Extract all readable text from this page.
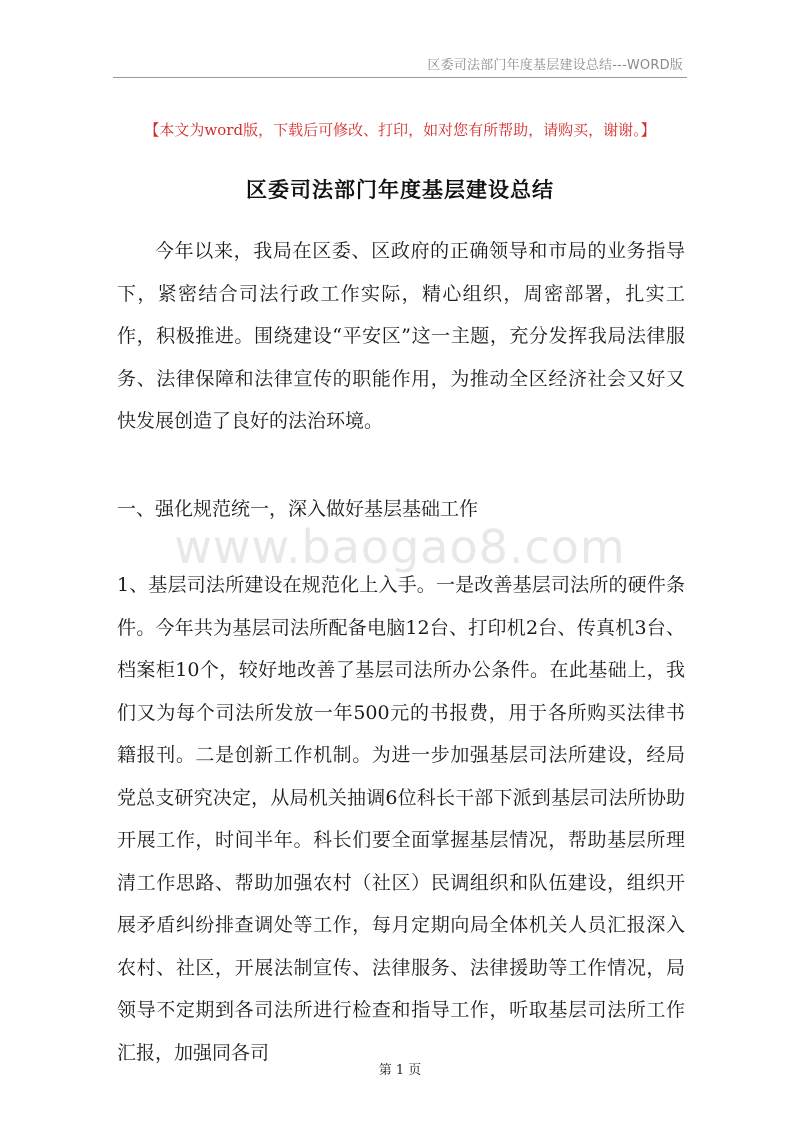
区委司法部门年度基层建设总结---WORD版
【本文为word版，下载后可修改、打印，如对您有所帮助，请购买，谢谢。】
区委司法部门年度基层建设总结

今年以来，我局在区委、区政府的正确领导和市局的业务指导下，紧密结合司法行政工作实际，精心组织，周密部署，扎实工作，积极推进。围绕建设“平安区”这一主题，充分发挥我局法律服务、法律保障和法律宣传的职能作用，为推动全区经济社会又好又快发展创造了良好的法治环境。

一、强化规范统一，深入做好基层基础工作

1、基层司法所建设在规范化上入手。一是改善基层司法所的硬件条件。今年共为基层司法所配备电脑12台、打印机2台、传真机3台、档案柜10个，较好地改善了基层司法所办公条件。在此基础上，我们又为每个司法所发放一年500元的书报费，用于各所购买法律书籍报刊。二是创新工作机制。为进一步加强基层司法所建设，经局党总支研究决定，从局机关抽调6位科长干部下派到基层司法所协助开展工作，时间半年。科长们要全面掌握基层情况，帮助基层所理清工作思路、帮助加强农村（社区）民调组织和队伍建设，组织开展矛盾纠纷排查调处等工作，每月定期向局全体机关人员汇报深入农村、社区，开展法制宣传、法律服务、法律援助等工作情况，局领导不定期到各司法所进行检查和指导工作，听取基层司法所工作汇报，加强同各司

www.baogao8.com
第 1 页
